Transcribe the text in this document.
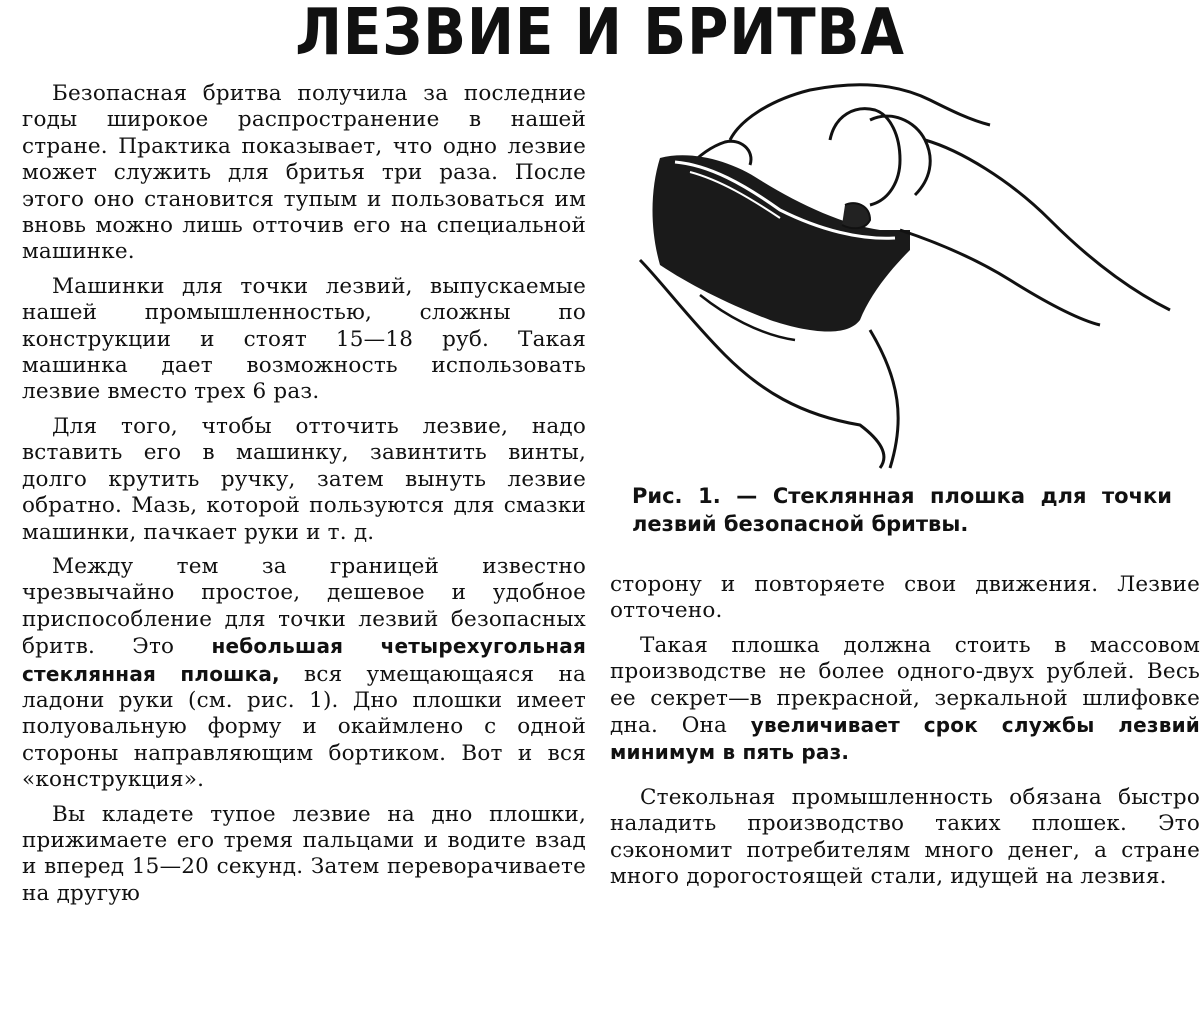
ЛЕЗВИЕ И БРИТВА

Безопасная бритва получила за последние годы широкое распространение в нашей стране. Практика показывает, что одно лезвие может служить для бритья три раза. После этого оно становится тупым и пользоваться им вновь можно лишь отточив его на специальной машинке.

Машинки для точки лезвий, выпускаемые нашей промышленностью, сложны по конструкции и стоят 15—18 руб. Такая машинка дает возможность использовать лезвие вместо трех 6 раз.

Для того, чтобы отточить лезвие, надо вставить его в машинку, завинтить винты, долго крутить ручку, затем вынуть лезвие обратно. Мазь, которой пользуются для смазки машинки, пачкает руки и т. д.

Между тем за границей известно чрезвычайно простое, дешевое и удобное приспособление для точки лезвий безопасных бритв. Это небольшая четырехугольная стеклянная плошка, вся умещающаяся на ладони руки (см. рис. 1). Дно плошки имеет полуовальную форму и окаймлено с одной стороны направляющим бортиком. Вот и вся «конструкция».

Вы кладете тупое лезвие на дно плошки, прижимаете его тремя пальцами и водите взад и вперед 15—20 секунд. Затем переворачиваете на другую

Рис. 1. — Стеклянная плошка для точки лезвий безопасной бритвы.

сторону и повторяете свои движения. Лезвие отточено.

Такая плошка должна стоить в массовом производстве не более одного-двух рублей. Весь ее секрет—в прекрасной, зеркальной шлифовке дна. Она увеличивает срок службы лезвий минимум в пять раз.

Стекольная промышленность обязана быстро наладить производство таких плошек. Это сэкономит потребителям много денег, а стране много дорогостоящей стали, идущей на лезвия.
